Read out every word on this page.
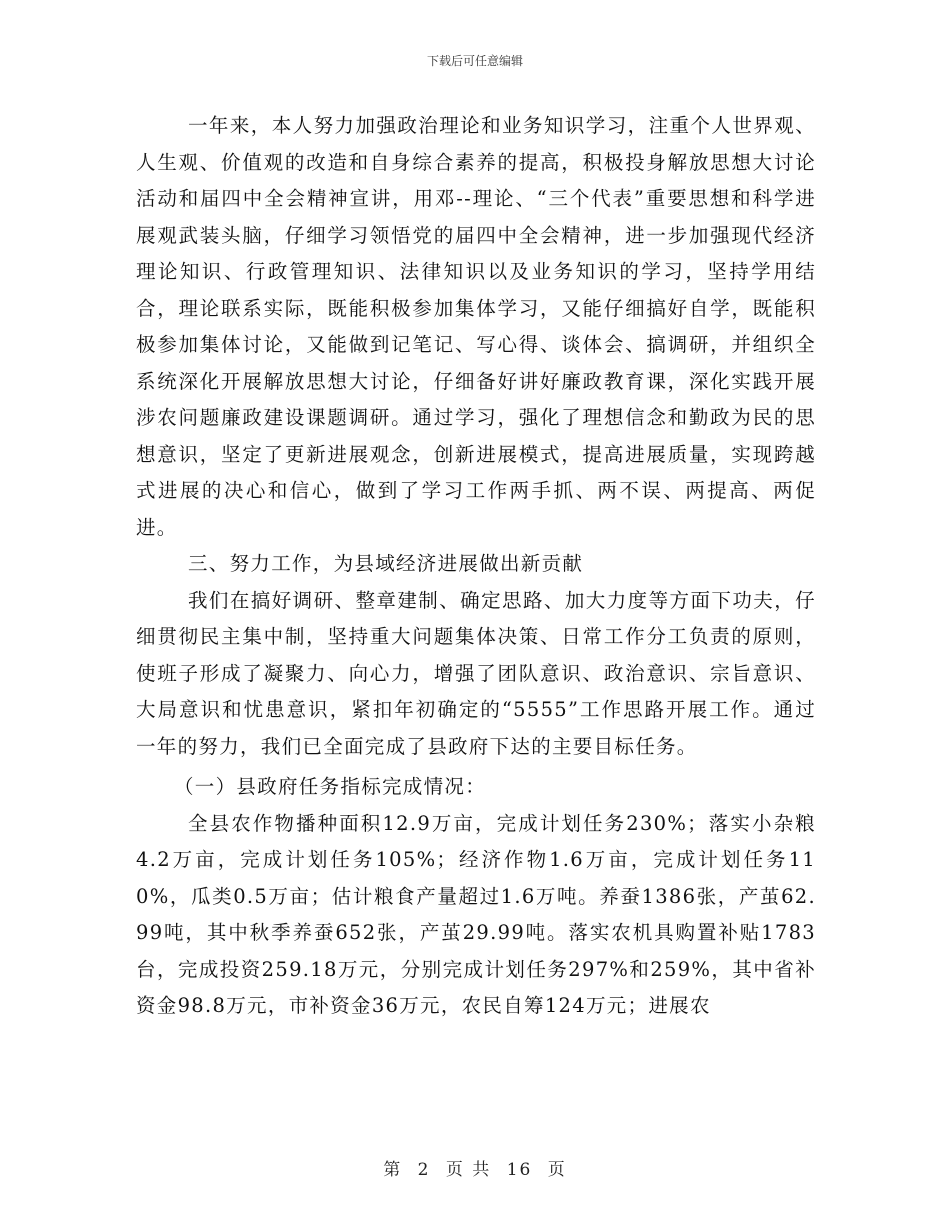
下载后可任意编辑

一年来，本人努力加强政治理论和业务知识学习，注重个人世界观、人生观、价值观的改造和自身综合素养的提高，积极投身解放思想大讨论活动和届四中全会精神宣讲，用邓--理论、“三个代表”重要思想和科学进展观武装头脑，仔细学习领悟党的届四中全会精神，进一步加强现代经济理论知识、行政管理知识、法律知识以及业务知识的学习，坚持学用结合，理论联系实际，既能积极参加集体学习，又能仔细搞好自学，既能积极参加集体讨论，又能做到记笔记、写心得、谈体会、搞调研，并组织全系统深化开展解放思想大讨论，仔细备好讲好廉政教育课，深化实践开展涉农问题廉政建设课题调研。通过学习，强化了理想信念和勤政为民的思想意识，坚定了更新进展观念，创新进展模式，提高进展质量，实现跨越式进展的决心和信心，做到了学习工作两手抓、两不误、两提高、两促进。

三、努力工作，为县域经济进展做出新贡献

我们在搞好调研、整章建制、确定思路、加大力度等方面下功夫，仔细贯彻民主集中制，坚持重大问题集体决策、日常工作分工负责的原则，使班子形成了凝聚力、向心力，增强了团队意识、政治意识、宗旨意识、大局意识和忧患意识，紧扣年初确定的“5555”工作思路开展工作。通过一年的努力，我们已全面完成了县政府下达的主要目标任务。

（一）县政府任务指标完成情况：

全县农作物播种面积12.9万亩，完成计划任务230%；落实小杂粮4.2万亩，完成计划任务105%；经济作物1.6万亩，完成计划任务110%，瓜类0.5万亩；估计粮食产量超过1.6万吨。养蚕1386张，产茧62.99吨，其中秋季养蚕652张，产茧29.99吨。落实农机具购置补贴1783台，完成投资259.18万元，分别完成计划任务297%和259%，其中省补资金98.8万元，市补资金36万元，农民自筹124万元；进展农

第 2 页 共 16 页
